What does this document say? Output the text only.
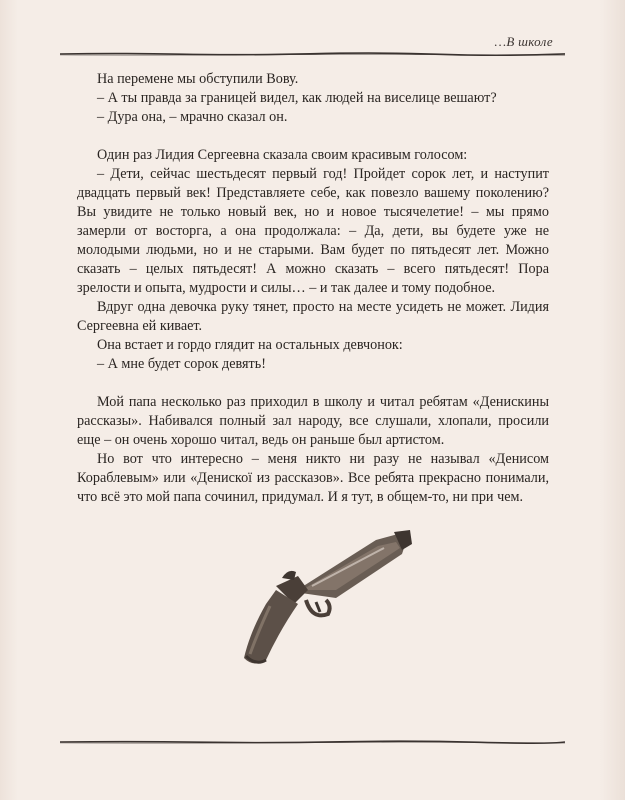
…В школе

На перемене мы обступили Вову.

– А ты правда за границей видел, как людей на виселице вешают?

– Дура она, – мрачно сказал он.

Один раз Лидия Сергеевна сказала своим красивым голосом:

– Дети, сейчас шестьдесят первый год! Пройдет сорок лет, и наступит двадцать первый век! Представляете себе, как повезло вашему поколению? Вы увидите не только новый век, но и новое тысячелетие! – мы прямо замерли от восторга, а она продолжала: – Да, дети, вы будете уже не молодыми людьми, но и не старыми. Вам будет по пятьдесят лет. Можно сказать – целых пятьдесят! А можно сказать – всего пятьдесят! Пора зрелости и опыта, мудрости и силы… – и так далее и тому подобное.

Вдруг одна девочка руку тянет, просто на месте усидеть не может. Лидия Сергеевна ей кивает.

Она встает и гордо глядит на остальных девчонок:

– А мне будет сорок девять!

Мой папа несколько раз приходил в школу и читал ребятам «Денискины рассказы». Набивался полный зал народу, все слушали, хлопали, просили еще – он очень хорошо читал, ведь он раньше был артистом.

Но вот что интересно – меня никто ни разу не называл «Денисом Кораблевым» или «Денискої из рассказов». Все ребята прекрасно понимали, что всё это мой папа сочинил, придумал. И я тут, в общем-то, ни при чем.
